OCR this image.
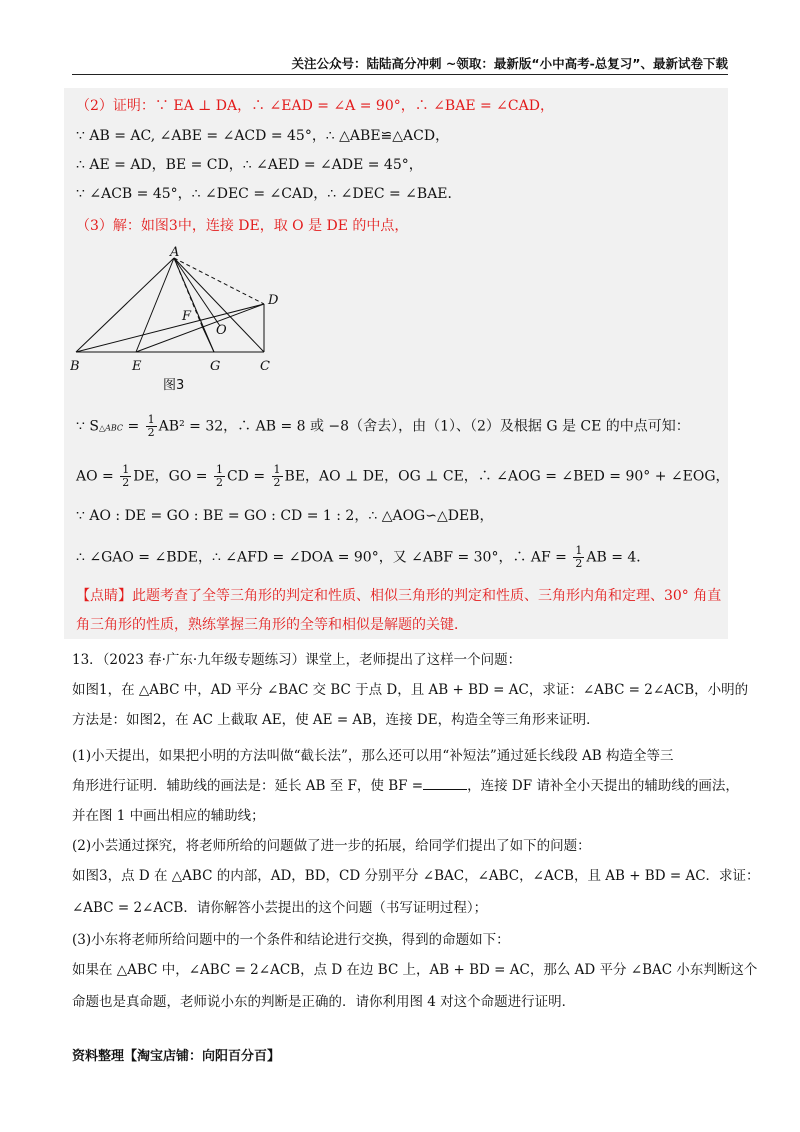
关注公众号：陆陆高分冲刺 ~领取：最新版“小中高考-总复习”、最新试卷下载
（2）证明：∵ EA ⊥ DA，∴ ∠EAD = ∠A = 90°，∴ ∠BAE = ∠CAD，
∵ AB = AC, ∠ABE = ∠ACD = 45°，∴ △ABE≌△ACD，
∴ AE = AD，BE = CD，∴ ∠AED = ∠ADE = 45°，
∵ ∠ACB = 45°，∴ ∠DEC = ∠CAD，∴ ∠DEC = ∠BAE．
（3）解：如图3中，连接 DE，取 O 是 DE 的中点，
A
B	C
D
E
F
G
O
图3
∵ S△ABC = $\frac{1}{2} AB^2 = 32$，∴ AB = 8 或 −8（舍去），由（1）、（2）及根据 G 是 CE 的中点可知：
AO = $\frac{1}{2}$ DE，GO = $\frac{1}{2}$ CD = $\frac{1}{2}$ BE，AO ⊥ DE，OG ⊥ CE，∴ ∠AOG = ∠BED = 90° + ∠EOG，
∵ AO : DE = GO : BE = GO : CD = 1 : 2，∴ △AOG∽△DEB，
∴ ∠GAO = ∠BDE，∴ ∠AFD = ∠DOA = 90°，又 ∠ABF = 30°，∴ AF = $\frac{1}{2}$ AB = 4．
【点睛】此题考查了全等三角形的判定和性质、相似三角形的判定和性质、三角形内角和定理、30° 角直
角三角形的性质，熟练掌握三角形的全等和相似是解题的关键．
13．（2023 春·广东·九年级专题练习）课堂上，老师提出了这样一个问题：
如图1，在 △ABC 中，AD 平分 ∠BAC 交 BC 于点 D，且 AB + BD = AC，求证：∠ABC = 2∠ACB，小明的
方法是：如图2，在 AC 上截取 AE，使 AE = AB，连接 DE，构造全等三角形来证明．
(1)小天提出，如果把小明的方法叫做“截长法”，那么还可以用“补短法”通过延长线段 AB 构造全等三
角形进行证明．辅助线的画法是：延长 AB 至 F，使 BF =	，连接 DF 请补全小天提出的辅助线的画法，
并在图 1 中画出相应的辅助线；
(2)小芸通过探究，将老师所给的问题做了进一步的拓展，给同学们提出了如下的问题：
如图3，点 D 在 △ABC 的内部，AD，BD，CD 分别平分 ∠BAC，∠ABC，∠ACB，且 AB + BD = AC．求证：
∠ABC = 2∠ACB．请你解答小芸提出的这个问题（书写证明过程）；
(3)小东将老师所给问题中的一个条件和结论进行交换，得到的命题如下：
如果在 △ABC 中，∠ABC = 2∠ACB，点 D 在边 BC 上，AB + BD = AC，那么 AD 平分 ∠BAC 小东判断这个
命题也是真命题，老师说小东的判断是正确的．请你利用图 4 对这个命题进行证明．
资料整理【淘宝店铺：向阳百分百】
